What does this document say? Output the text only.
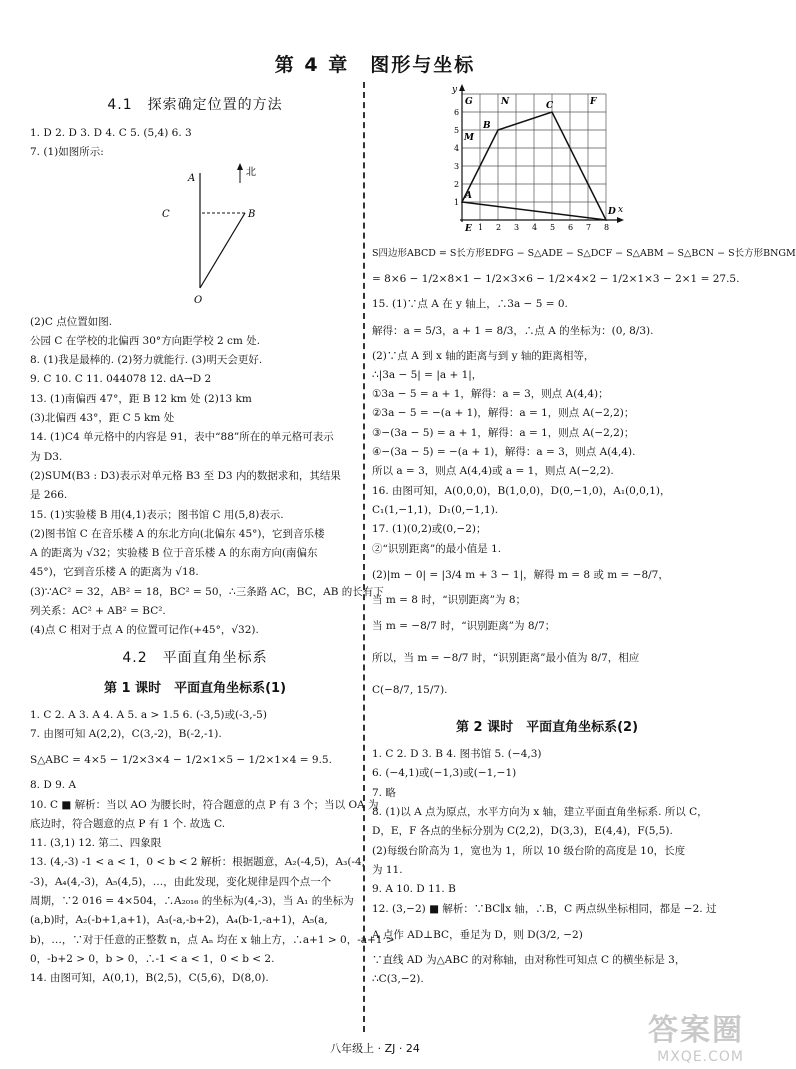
第 4 章　图形与坐标
4.1　探索确定位置的方法
1. D 2. D 3. D 4. C 5. (5,4) 6. 3
7. (1)如图所示:
北
A
B
C
O
(2)C 点位置如图.
公园 C 在学校的北偏西 30°方向距学校 2 cm 处.
8. (1)我是最棒的. (2)努力就能行. (3)明天会更好.
9. C 10. C 11. 044078 12. dA→D 2
13. (1)南偏西 47°，距 B 12 km 处 (2)13 km
(3)北偏西 43°，距 C 5 km 处
14. (1)C4 单元格中的内容是 91，表中“88”所在的单元格可表示
为 D3.
(2)SUM(B3 : D3)表示对单元格 B3 至 D3 内的数据求和，其结果
是 266.
15. (1)实验楼 B 用(4,1)表示；图书馆 C 用(5,8)表示.
(2)图书馆 C 在音乐楼 A 的东北方向(北偏东 45°)，它到音乐楼
A 的距离为 √32；实验楼 B 位于音乐楼 A 的东南方向(南偏东
45°)，它到音乐楼 A 的距离为 √18.
(3)∵AC² = 32，AB² = 18，BC² = 50，∴三条路 AC，BC，AB 的长有下
列关系：AC² + AB² = BC².
(4)点 C 相对于点 A 的位置可记作(+45°，√32).
4.2　平面直角坐标系
第 1 课时　平面直角坐标系(1)
1. C 2. A 3. A 4. A 5. a > 1.5 6. (-3,5)或(-3,-5)
7. 由图可知 A(2,2)，C(3,-2)，B(-2,-1).
S△ABC = 4×5 − 1/2×3×4 − 1/2×1×5 − 1/2×1×4 = 9.5.
8. D 9. A
10. C ■ 解析：当以 AO 为腰长时，符合题意的点 P 有 3 个；当以 OA 为
底边时，符合题意的点 P 有 1 个. 故选 C.
11. (3,1) 12. 第二、四象限
13. (4,-3) -1 < a < 1，0 < b < 2 解析：根据题意，A₂(-4,5)，A₃(-4,
-3)，A₄(4,-3)，A₅(4,5)，…，由此发现，变化规律是四个点一个
周期，∵2 016 = 4×504，∴A₂₀₁₆ 的坐标为(4,-3)，当 A₁ 的坐标为
(a,b)时，A₂(-b+1,a+1)，A₃(-a,-b+2)，A₄(b-1,-a+1)，A₅(a,
b)，…，∵对于任意的正整数 n，点 Aₙ 均在 x 轴上方，∴a+1 > 0，-a+1 >
0，-b+2 > 0，b > 0，∴-1 < a < 1，0 < b < 2.
14. 由图可知，A(0,1)，B(2,5)，C(5,6)，D(8,0).
y
x
1
2
3
4
5
6
1 2 3 4 5 6 7 8
G	N
M
B
C	F
A
E
D
S四边形ABCD = S长方形EDFG − S△ADE − S△DCF − S△ABM − S△BCN − S长方形BNGM
= 8×6 − 1/2×8×1 − 1/2×3×6 − 1/2×4×2 − 1/2×1×3 − 2×1 = 27.5.
15. (1)∵点 A 在 y 轴上，∴3a − 5 = 0.
解得：a = 5/3，a + 1 = 8/3，∴点 A 的坐标为：(0, 8/3).
(2)∵点 A 到 x 轴的距离与到 y 轴的距离相等，
∴|3a − 5| = |a + 1|，
①3a − 5 = a + 1，解得：a = 3，则点 A(4,4)；
②3a − 5 = −(a + 1)，解得：a = 1，则点 A(−2,2)；
③−(3a − 5) = a + 1，解得：a = 1，则点 A(−2,2)；
④−(3a − 5) = −(a + 1)，解得：a = 3，则点 A(4,4).
所以 a = 3，则点 A(4,4)或 a = 1，则点 A(−2,2).
16. 由图可知，A(0,0,0)，B(1,0,0)，D(0,−1,0)，A₁(0,0,1)，
C₁(1,−1,1)，D₁(0,−1,1).
17. (1)(0,2)或(0,−2)；
②“识别距离”的最小值是 1.
(2)|m − 0| = |3/4 m + 3 − 1|，解得 m = 8 或 m = −8/7，
当 m = 8 时，“识别距离”为 8；
当 m = −8/7 时，“识别距离”为 8/7；
所以，当 m = −8/7 时，“识别距离”最小值为 8/7，相应
C(−8/7, 15/7).
第 2 课时　平面直角坐标系(2)
1. C 2. D 3. B 4. 图书馆 5. (−4,3)
6. (−4,1)或(−1,3)或(−1,−1)
7. 略
8. (1)以 A 点为原点，水平方向为 x 轴，建立平面直角坐标系. 所以 C，
D，E，F 各点的坐标分别为 C(2,2)，D(3,3)，E(4,4)，F(5,5).
(2)每级台阶高为 1，宽也为 1，所以 10 级台阶的高度是 10，长度
为 11.
9. A 10. D 11. B
12. (3,−2) ■ 解析：∵BC∥x 轴，∴B，C 两点纵坐标相同，都是 −2. 过
A 点作 AD⊥BC，垂足为 D，则 D(3/2, −2)
∵直线 AD 为△ABC 的对称轴，由对称性可知点 C 的横坐标是 3，
∴C(3,−2).
八年级上 · ZJ · 24
答案圈
MXQE.COM
